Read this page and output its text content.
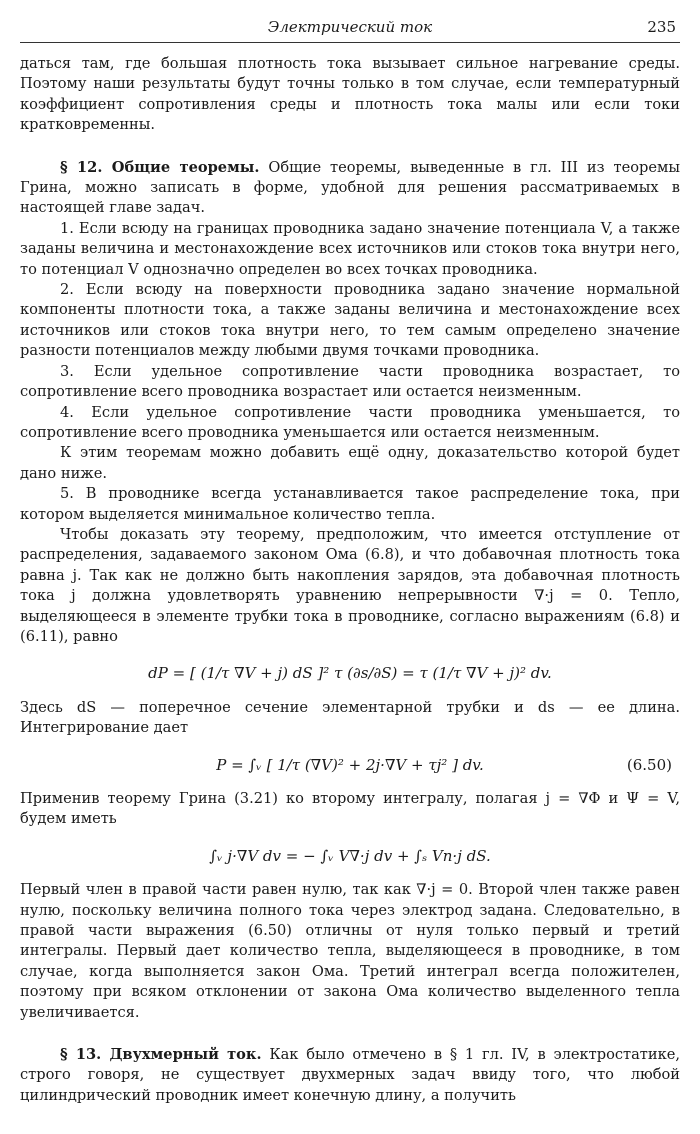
Электрический ток	235

даться там, где большая плотность тока вызывает сильное нагревание среды. Поэтому наши результаты будут точны только в том случае, если температурный коэффициент сопротивления среды и плотность тока малы или если токи кратковременны.

§ 12. Общие теоремы. Общие теоремы, выведенные в гл. III из теоремы Грина, можно записать в форме, удобной для решения рассматриваемых в настоящей главе задач.

1. Если всюду на границах проводника задано значение потенциала V, а также заданы величина и местонахождение всех источников или стоков тока внутри него, то потенциал V однозначно определен во всех точках проводника.

2. Если всюду на поверхности проводника задано значение нормальной компоненты плотности тока, а также заданы величина и местонахождение всех источников или стоков тока внутри него, то тем самым определено значение разности потенциалов между любыми двумя точками проводника.

3. Если удельное сопротивление части проводника возрастает, то сопротивление всего проводника возрастает или остается неизменным.

4. Если удельное сопротивление части проводника уменьшается, то сопротивление всего проводника уменьшается или остается неизменным.

К этим теоремам можно добавить ещё одну, доказательство которой будет дано ниже.

5. В проводнике всегда устанавливается такое распределение тока, при котором выделяется минимальное количество тепла.

Чтобы доказать эту теорему, предположим, что имеется отступление от распределения, задаваемого законом Ома (6.8), и что добавочная плотность тока равна j. Так как не должно быть накопления зарядов, эта добавочная плотность тока j должна удовлетворять уравнению непрерывности ∇·j = 0. Тепло, выделяющееся в элементе трубки тока в проводнике, согласно выражениям (6.8) и (6.11), равно

dP = [ (1/τ ∇V + j) dS ]² τ (∂s/∂S) = τ (1/τ ∇V + j)² dv.

Здесь dS — поперечное сечение элементарной трубки и ds — ее длина. Интегрирование дает

P = ∫ᵥ [ 1/τ (∇V)² + 2j·∇V + τj² ] dv.	(6.50)

Применив теорему Грина (3.21) ко второму интегралу, полагая j = ∇Φ и Ψ = V, будем иметь

∫ᵥ j·∇V dv = − ∫ᵥ V∇·j dv + ∫ₛ Vn·j dS.

Первый член в правой части равен нулю, так как ∇·j = 0. Второй член также равен нулю, поскольку величина полного тока через электрод задана. Следовательно, в правой части выражения (6.50) отличны от нуля только первый и третий интегралы. Первый дает количество тепла, выделяющееся в проводнике, в том случае, когда выполняется закон Ома. Третий интеграл всегда положителен, поэтому при всяком отклонении от закона Ома количество выделенного тепла увеличивается.

§ 13. Двухмерный ток. Как было отмечено в § 1 гл. IV, в электростатике, строго говоря, не существует двухмерных задач ввиду того, что любой цилиндрический проводник имеет конечную длину, а получить
